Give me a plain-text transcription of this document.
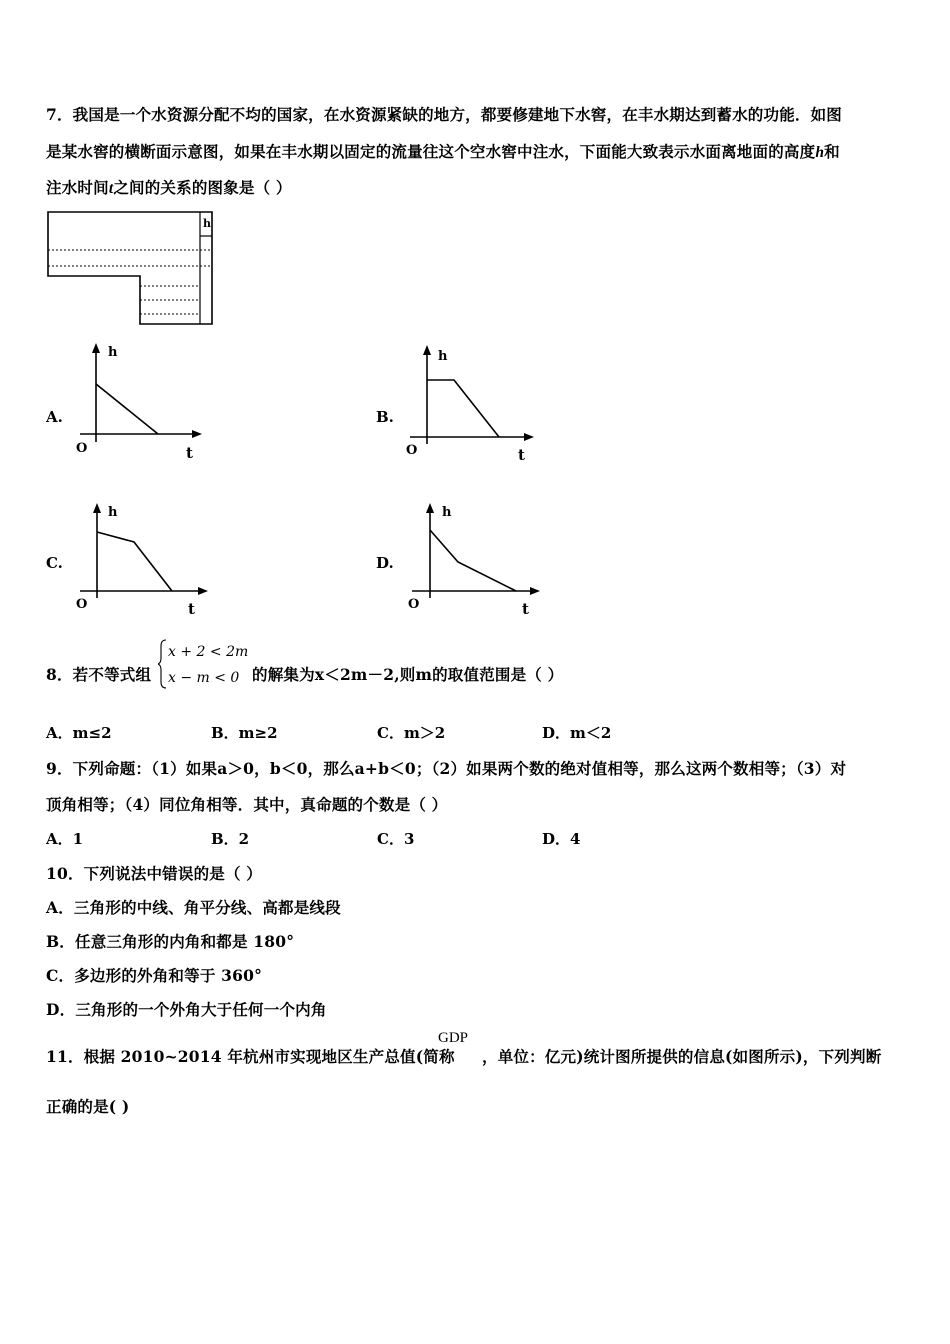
7．我国是一个水资源分配不均的国家，在水资源紧缺的地方，都要修建地下水窖，在丰水期达到蓄水的功能．如图
是某水窖的横断面示意图，如果在丰水期以固定的流量往这个空水窖中注水，下面能大致表示水面离地面的高度h和
注水时间t之间的关系的图象是（ ）
h
A.
h
t
O
B.
h
t
O
C.
h
t
O
D.
h
t
O
8．若不等式组
x + 2 < 2m
x − m < 0 的解集为x＜2m－2,则m的取值范围是（ ）
A．m≤2	B．m≥2	C．m＞2	D．m＜2
9．下列命题：（1）如果a＞0，b＜0，那么a+b＜0；（2）如果两个数的绝对值相等，那么这两个数相等；（3）对
顶角相等；（4）同位角相等．其中，真命题的个数是（ ）
A．1	B．2	C．3	D．4
10．下列说法中错误的是（ ）
A．三角形的中线、角平分线、高都是线段
B．任意三角形的内角和都是 180°
C．多边形的外角和等于 360°
D．三角形的一个外角大于任何一个内角
11．根据 2010~2014 年杭州市实现地区生产总值(简称
GDP
，单位：亿元)统计图所提供的信息(如图所示)，下列判断
正确的是( )
